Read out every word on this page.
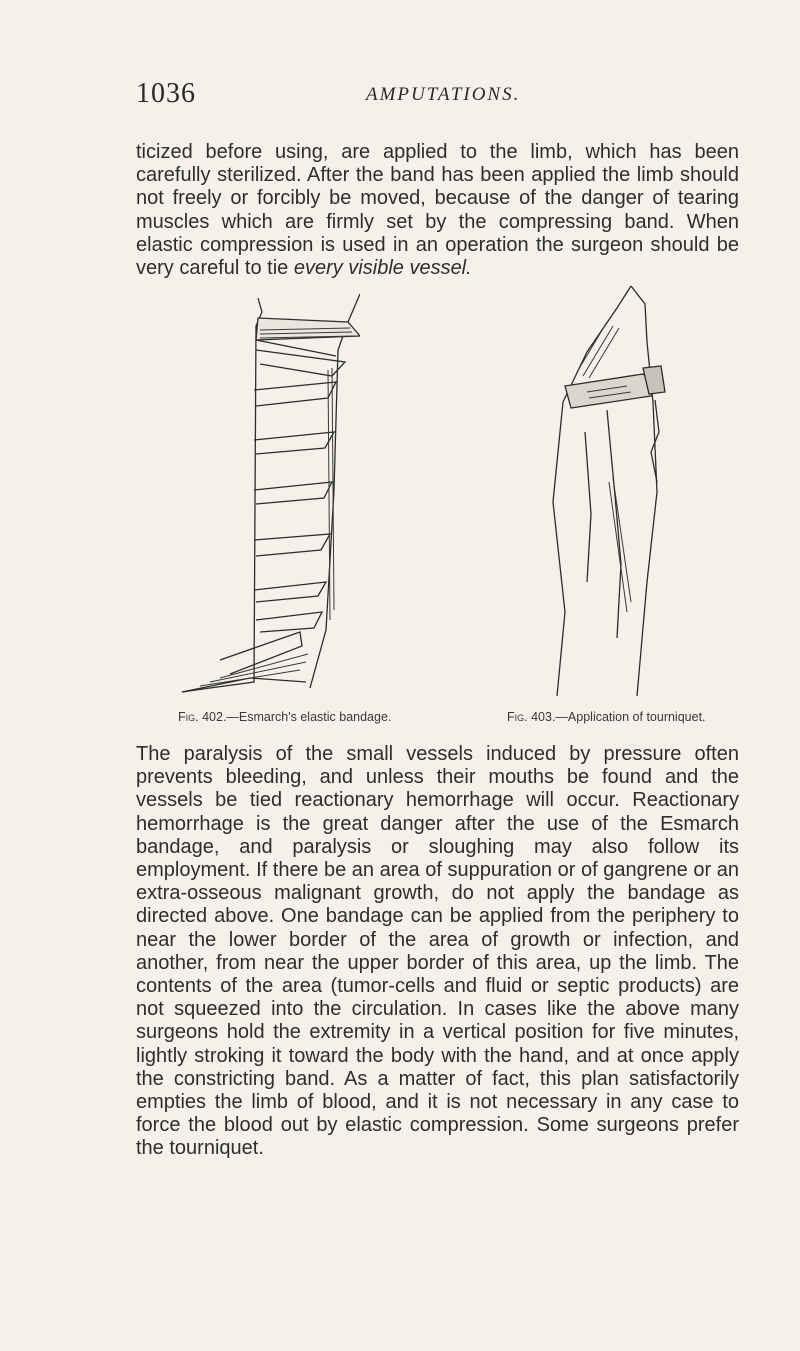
1036	AMPUTATIONS.
ticized before using, are applied to the limb, which has been carefully sterilized. After the band has been applied the limb should not freely or forcibly be moved, because of the danger of tearing muscles which are firmly set by the compressing band. When elastic compression is used in an operation the surgeon should be very careful to tie every visible vessel.
Fig. 402.—Esmarch's elastic bandage.	Fig. 403.—Application of tourniquet.
The paralysis of the small vessels induced by pressure often prevents bleeding, and unless their mouths be found and the vessels be tied reactionary hemorrhage will occur. Reactionary hemorrhage is the great danger after the use of the Esmarch bandage, and paralysis or sloughing may also follow its employment. If there be an area of suppuration or of gangrene or an extra-osseous malignant growth, do not apply the bandage as directed above. One bandage can be applied from the periphery to near the lower border of the area of growth or infection, and another, from near the upper border of this area, up the limb. The contents of the area (tumor-cells and fluid or septic products) are not squeezed into the circulation. In cases like the above many surgeons hold the extremity in a vertical position for five minutes, lightly stroking it toward the body with the hand, and at once apply the constricting band. As a matter of fact, this plan satisfactorily empties the limb of blood, and it is not necessary in any case to force the blood out by elastic compression. Some surgeons prefer the tourniquet.
